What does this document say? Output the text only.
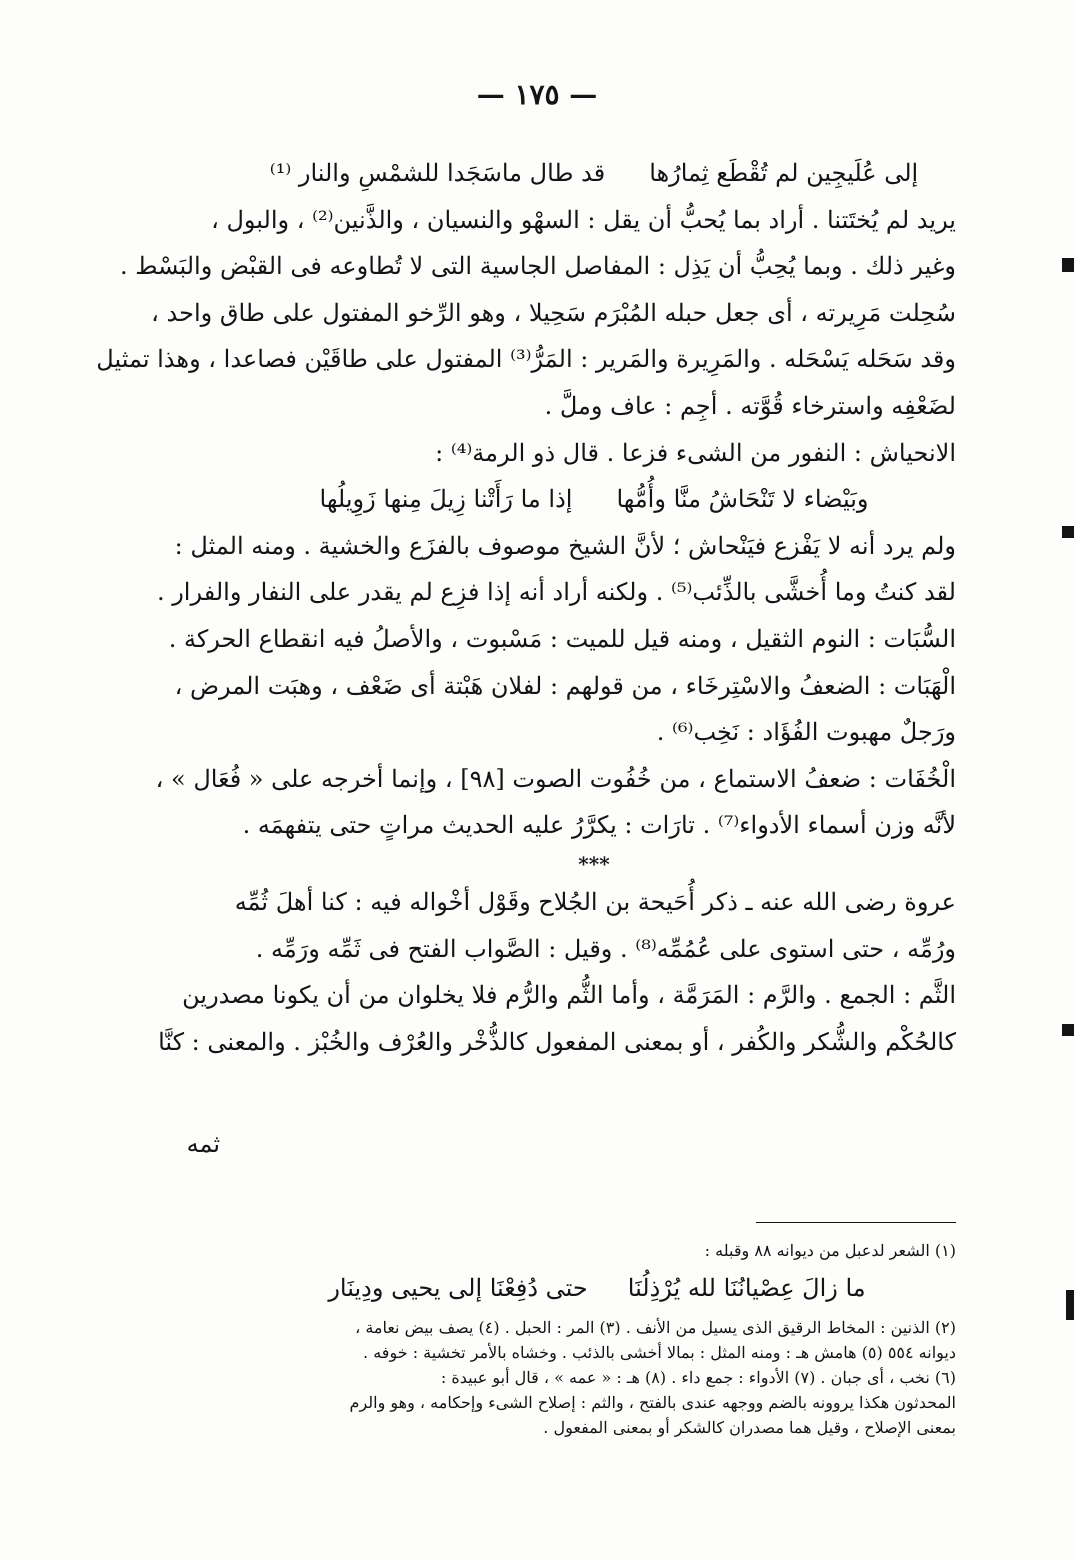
— ١٧٥ —
إلى عُلَيجِين لم تُقْطَع ثِمارُها
قد طال ماسَجَدا للشمْسِ والنار ⁽¹⁾
يريد لم يُختَتنا . أراد بما يُحبُّ أن يقل : السهْو والنسيان ، والذَّنين⁽²⁾ ، والبول ،
وغير ذلك . وبما يُحِبُّ أن يَذِل : المفاصل الجاسية التى لا تُطاوعه فى القبْض والبَسْط .
سُحِلت مَرِيرته ، أى جعل حبله المُبْرَم سَحِيلا ، وهو الرِّخو المفتول على طاق واحد ،
وقد سَحَله يَسْحَله . والمَرِيرة والمَرير : المَرُّ⁽³⁾ المفتول على طاقَيْن فصاعدا ، وهذا تمثيل
لضَعْفِه واسترخاء قُوَّته . أجِم : عاف وملَّ .
الانحياش : النفور من الشىء فزعا . قال ذو الرمة⁽⁴⁾ :
وبَيْضاء لا تَنْحَاشُ منَّا وأُمُّها
إذا ما رَأَتْنا زِيلَ مِنها زَوِيلُها
ولم يرد أنه لا يَفْزع فيَنْحاش ؛ لأنَّ الشيخ موصوف بالفزَع والخشية . ومنه المثل :
لقد كنتُ وما أُخشَّى بالذِّئب⁽⁵⁾ . ولكنه أراد أنه إذا فزِع لم يقدر على النفار والفرار .
السُّبَات : النوم الثقيل ، ومنه قيل للميت : مَسْبوت ، والأصلُ فيه انقطاع الحركة .
الْهَبَات : الضعفُ والاسْتِرخَاء ، من قولهم : لفلان هَبْتة أى ضَعْف ، وهبَت المرض ،
ورَجلٌ مهبوت الفُؤَاد : نَخِب⁽⁶⁾ .
الْخُفَات : ضعفُ الاستماع ، من خُفُوت الصوت [٩٨] ، وإنما أخرجه على « فُعَال » ،
لأنَّه وزن أسماء الأدواء⁽⁷⁾ . تارَات : يكرَّرُ عليه الحديث مراتٍ حتى يتفهمَه .
***
عروة رضى الله عنه ـ ذكر أُحَيحة بن الجُلاح وقَوْل أخْواله فيه : كنا أهلَ ثُمِّه
ورُمِّه ، حتى استوى على عُمُمِّه⁽⁸⁾ . وقيل : الصَّواب الفتح فى ثَمِّه ورَمِّه .
الثَّم : الجمع . والرَّم : المَرَمَّة ، وأما الثُّم والرُّم فلا يخلوان من أن يكونا مصدرين
كالحُكْم والشُّكر والكُفر ، أو بمعنى المفعول كالذُّخْر والعُرْف والخُبْز . والمعنى : كنَّا
ثمه
(١) الشعر لدعبل من ديوانه ٨٨ وقبله :
ما زالَ عِصْيانُنَا لله يُرْذِلُنَا
حتى دُفِعْنَا إلى يحيى ودِينَار
(٢) الذنين : المخاط الرقيق الذى يسيل من الأنف . (٣) المر : الحبل . (٤) يصف بيض نعامة ،
ديوانه ٥٥٤ (٥) هامش هـ : ومنه المثل : بمالا أخشى بالذئب . وخشاه بالأمر تخشية : خوفه .
(٦) نخب ، أى جبان . (٧) الأدواء : جمع داء . (٨) هـ : « عمه » ، قال أبو عبيدة :
المحدثون هكذا يروونه بالضم ووجهه عندى بالفتح ، والثم : إصلاح الشىء وإحكامه ، وهو والرم
بمعنى الإصلاح ، وقيل هما مصدران كالشكر أو بمعنى المفعول .
